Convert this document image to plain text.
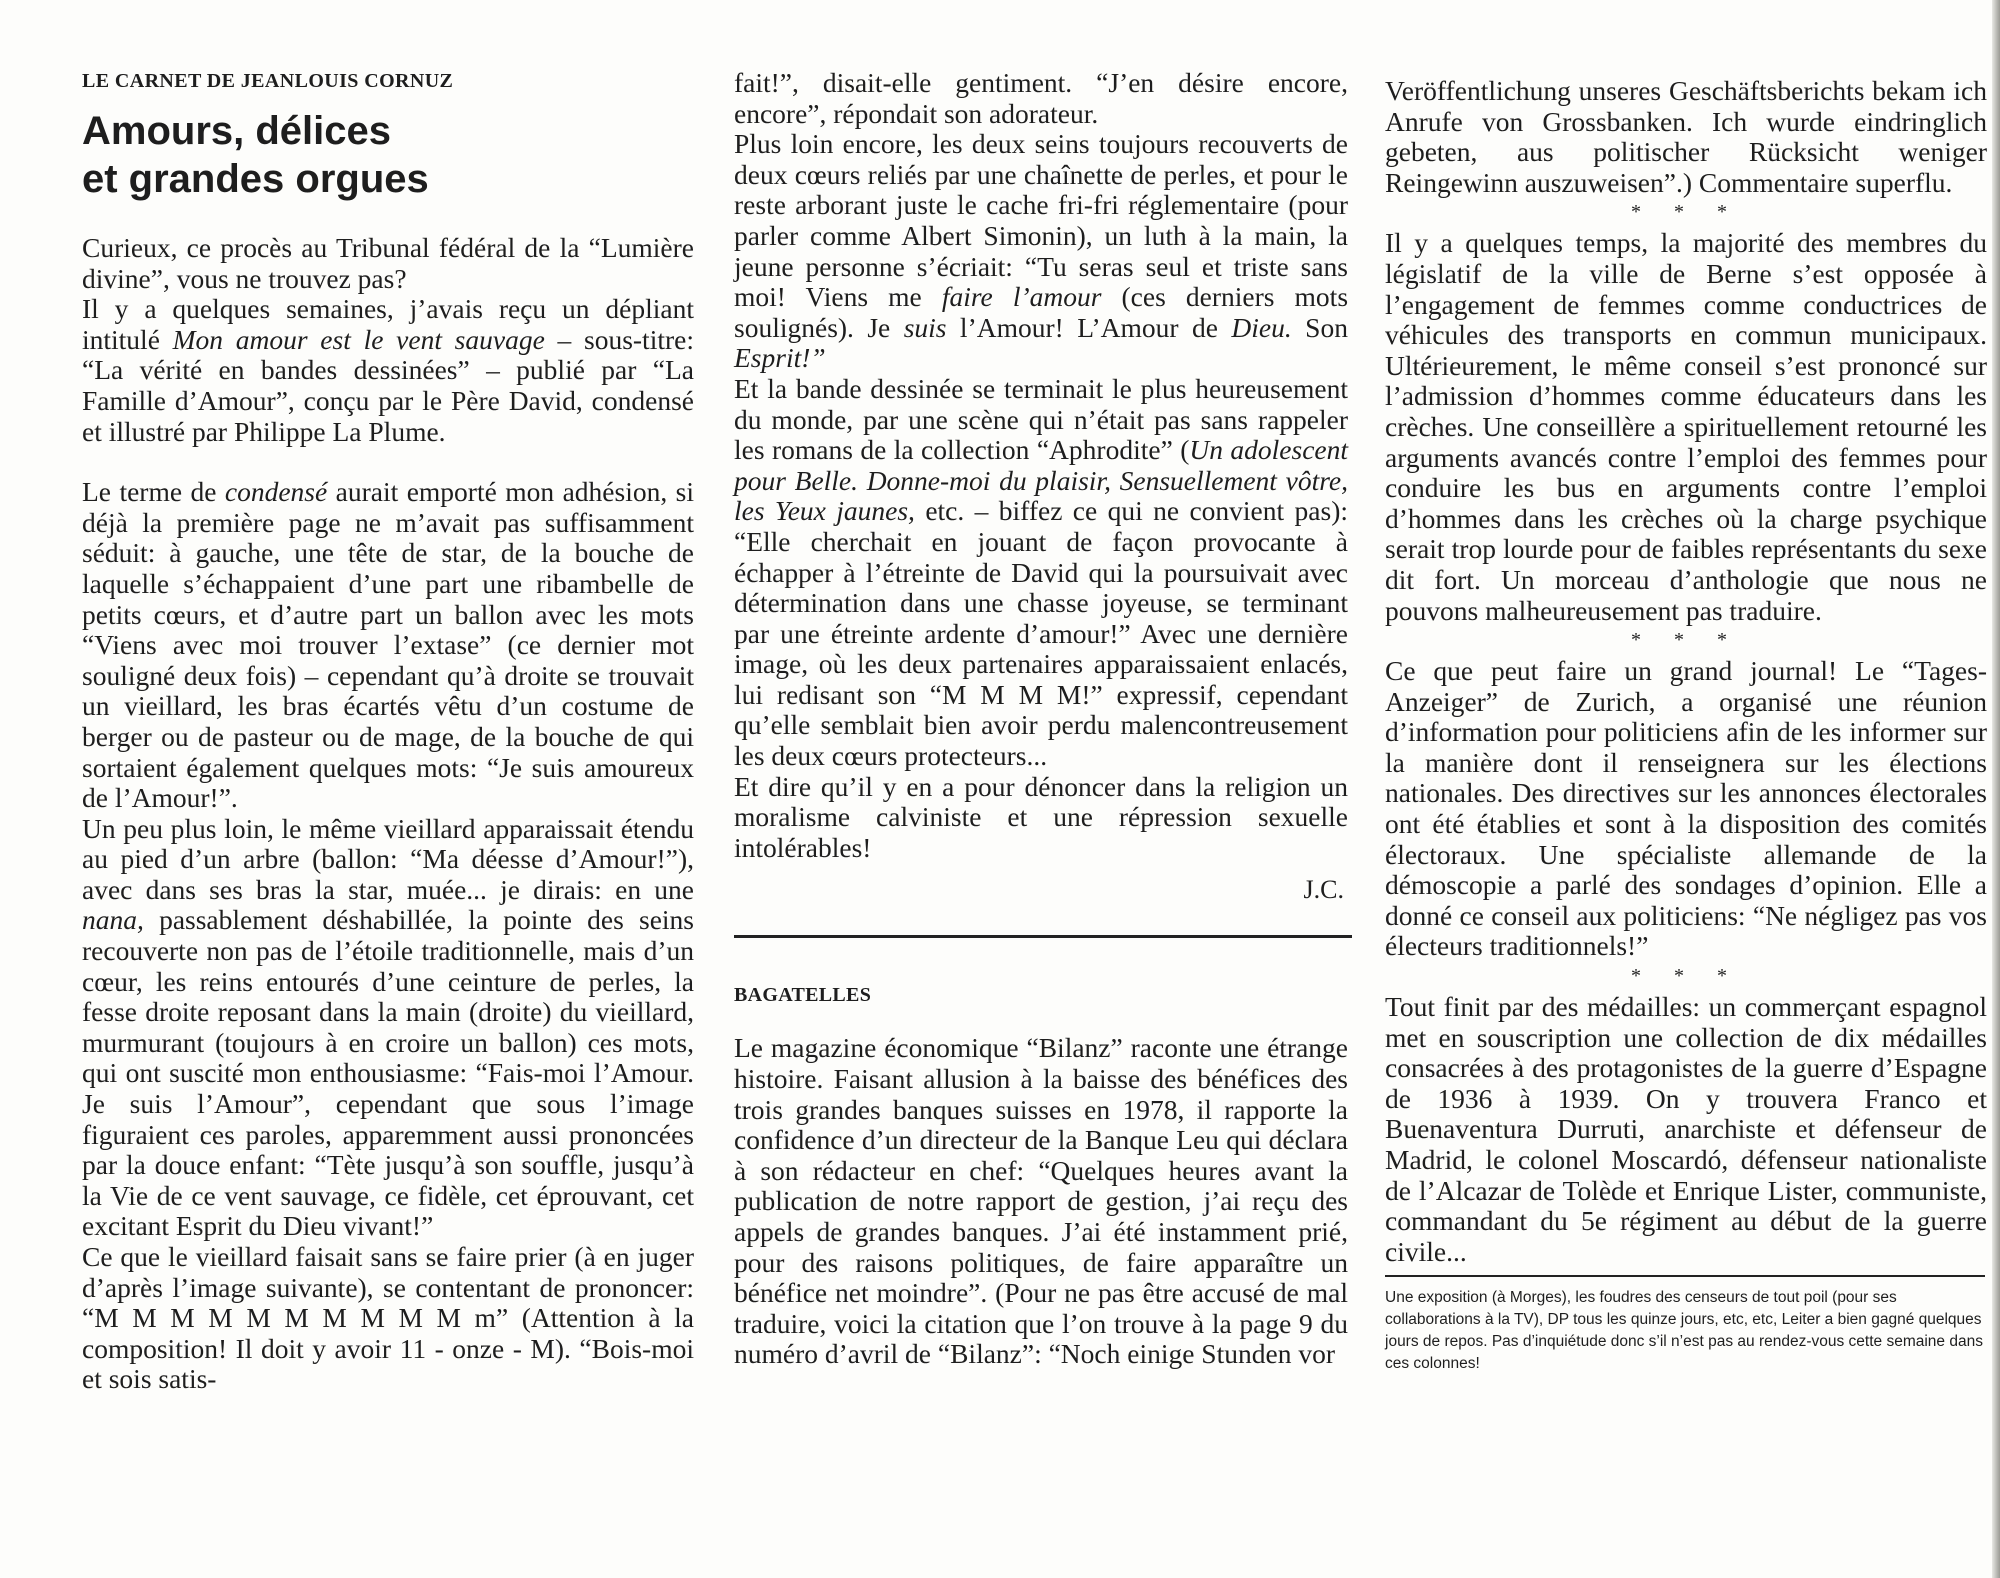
LE CARNET DE JEANLOUIS CORNUZ
Amours, délices
et grandes orgues

Curieux, ce procès au Tribunal fédéral de la “Lumière divine”, vous ne trouvez pas?

Il y a quelques semaines, j’avais reçu un dépliant intitulé Mon amour est le vent sauvage – sous-titre: “La vérité en bandes dessinées” – publié par “La Famille d’Amour”, conçu par le Père David, condensé et illustré par Philippe La Plume.

Le terme de condensé aurait emporté mon adhésion, si déjà la première page ne m’avait pas suffisamment séduit: à gauche, une tête de star, de la bouche de laquelle s’échappaient d’une part une ribambelle de petits cœurs, et d’autre part un ballon avec les mots “Viens avec moi trouver l’extase” (ce dernier mot souligné deux fois) – cependant qu’à droite se trouvait un vieillard, les bras écartés vêtu d’un costume de berger ou de pasteur ou de mage, de la bouche de qui sortaient également quelques mots: “Je suis amoureux de l’Amour!”.

Un peu plus loin, le même vieillard apparaissait étendu au pied d’un arbre (ballon: “Ma déesse d’Amour!”), avec dans ses bras la star, muée... je dirais: en une nana, passablement déshabillée, la pointe des seins recouverte non pas de l’étoile traditionnelle, mais d’un cœur, les reins entourés d’une ceinture de perles, la fesse droite reposant dans la main (droite) du vieillard, murmurant (toujours à en croire un ballon) ces mots, qui ont suscité mon enthousiasme: “Fais-moi l’Amour. Je suis l’Amour”, cependant que sous l’image figuraient ces paroles, apparemment aussi prononcées par la douce enfant: “Tète jusqu’à son souffle, jusqu’à la Vie de ce vent sauvage, ce fidèle, cet éprouvant, cet excitant Esprit du Dieu vivant!”

Ce que le vieillard faisait sans se faire prier (à en juger d’après l’image suivante), se contentant de prononcer: “M M M M M M M M M M m” (Attention à la composition! Il doit y avoir 11 - onze - M). “Bois-moi et sois satis-

fait!”, disait-elle gentiment. “J’en désire encore, encore”, répondait son adorateur.

Plus loin encore, les deux seins toujours recouverts de deux cœurs reliés par une chaînette de perles, et pour le reste arborant juste le cache fri-fri réglementaire (pour parler comme Albert Simonin), un luth à la main, la jeune personne s’écriait: “Tu seras seul et triste sans moi! Viens me faire l’amour (ces derniers mots soulignés). Je suis l’Amour! L’Amour de Dieu. Son Esprit!”

Et la bande dessinée se terminait le plus heureusement du monde, par une scène qui n’était pas sans rappeler les romans de la collection “Aphrodite” (Un adolescent pour Belle. Donne-moi du plaisir, Sensuellement vôtre, les Yeux jaunes, etc. – biffez ce qui ne convient pas): “Elle cherchait en jouant de façon provocante à échapper à l’étreinte de David qui la poursuivait avec détermination dans une chasse joyeuse, se terminant par une étreinte ardente d’amour!” Avec une dernière image, où les deux partenaires apparaissaient enlacés, lui redisant son “M M M M!” expressif, cependant qu’elle semblait bien avoir perdu malencontreusement les deux cœurs protecteurs...

Et dire qu’il y en a pour dénoncer dans la religion un moralisme calviniste et une répression sexuelle intolérables!

J.C.
BAGATELLES

Le magazine économique “Bilanz” raconte une étrange histoire. Faisant allusion à la baisse des bénéfices des trois grandes banques suisses en 1978, il rapporte la confidence d’un directeur de la Banque Leu qui déclara à son rédacteur en chef: “Quelques heures avant la publication de notre rapport de gestion, j’ai reçu des appels de grandes banques. J’ai été instamment prié, pour des raisons politiques, de faire apparaître un bénéfice net moindre”. (Pour ne pas être accusé de mal traduire, voici la citation que l’on trouve à la page 9 du numéro d’avril de “Bilanz”: “Noch einige Stunden vor

Veröffentlichung unseres Geschäftsberichts bekam ich Anrufe von Grossbanken. Ich wurde eindringlich gebeten, aus politischer Rücksicht weniger Reingewinn auszuweisen”.) Commentaire superflu.

* * *

Il y a quelques temps, la majorité des membres du législatif de la ville de Berne s’est opposée à l’engagement de femmes comme conductrices de véhicules des transports en commun municipaux. Ultérieurement, le même conseil s’est prononcé sur l’admission d’hommes comme éducateurs dans les crèches. Une conseillère a spirituellement retourné les arguments avancés contre l’emploi des femmes pour conduire les bus en arguments contre l’emploi d’hommes dans les crèches où la charge psychique serait trop lourde pour de faibles représentants du sexe dit fort. Un morceau d’anthologie que nous ne pouvons malheureusement pas traduire.

* * *

Ce que peut faire un grand journal! Le “Tages-Anzeiger” de Zurich, a organisé une réunion d’information pour politiciens afin de les informer sur la manière dont il renseignera sur les élections nationales. Des directives sur les annonces électorales ont été établies et sont à la disposition des comités électoraux. Une spécialiste allemande de la démoscopie a parlé des sondages d’opinion. Elle a donné ce conseil aux politiciens: “Ne négligez pas vos électeurs traditionnels!”

* * *

Tout finit par des médailles: un commerçant espagnol met en souscription une collection de dix médailles consacrées à des protagonistes de la guerre d’Espagne de 1936 à 1939. On y trouvera Franco et Buenaventura Durruti, anarchiste et défenseur de Madrid, le colonel Moscardó, défenseur nationaliste de l’Alcazar de Tolède et Enrique Lister, communiste, commandant du 5e régiment au début de la guerre civile...

Une exposition (à Morges), les foudres des censeurs de tout poil (pour ses collaborations à la TV), DP tous les quinze jours, etc, etc, Leiter a bien gagné quelques jours de repos. Pas d’inquiétude donc s’il n’est pas au rendez-vous cette semaine dans ces colonnes!
